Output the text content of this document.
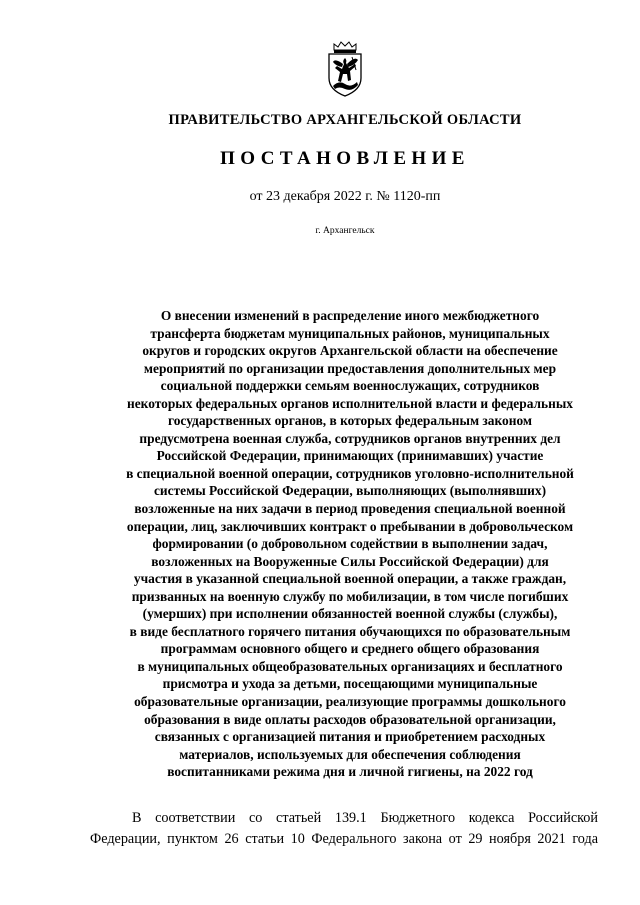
ПРАВИТЕЛЬСТВО АРХАНГЕЛЬСКОЙ ОБЛАСТИ
ПОСТАНОВЛЕНИЕ
от 23 декабря 2022 г. № 1120-пп
г. Архангельск
О внесении изменений в распределение иного межбюджетного
трансферта бюджетам муниципальных районов, муниципальных
округов и городских округов Архангельской области на обеспечение
мероприятий по организации предоставления дополнительных мер
социальной поддержки семьям военнослужащих, сотрудников
некоторых федеральных органов исполнительной власти и федеральных
государственных органов, в которых федеральным законом
предусмотрена военная служба, сотрудников органов внутренних дел
Российской Федерации, принимающих (принимавших) участие
в специальной военной операции, сотрудников уголовно-исполнительной
системы Российской Федерации, выполняющих (выполнявших)
возложенные на них задачи в период проведения специальной военной
операции, лиц, заключивших контракт о пребывании в добровольческом
формировании (о добровольном содействии в выполнении задач,
возложенных на Вооруженные Силы Российской Федерации) для
участия в указанной специальной военной операции, а также граждан,
призванных на военную службу по мобилизации, в том числе погибших
(умерших) при исполнении обязанностей военной службы (службы),
в виде бесплатного горячего питания обучающихся по образовательным
программам основного общего и среднего общего образования
в муниципальных общеобразовательных организациях и бесплатного
присмотра и ухода за детьми, посещающими муниципальные
образовательные организации, реализующие программы дошкольного
образования в виде оплаты расходов образовательной организации,
связанных с организацией питания и приобретением расходных
материалов, используемых для обеспечения соблюдения
воспитанниками режима дня и личной гигиены, на 2022 год
В соответствии со статьей 139.1 Бюджетного кодекса Российской
Федерации, пунктом 26 статьи 10 Федерального закона от 29 ноября 2021 года
